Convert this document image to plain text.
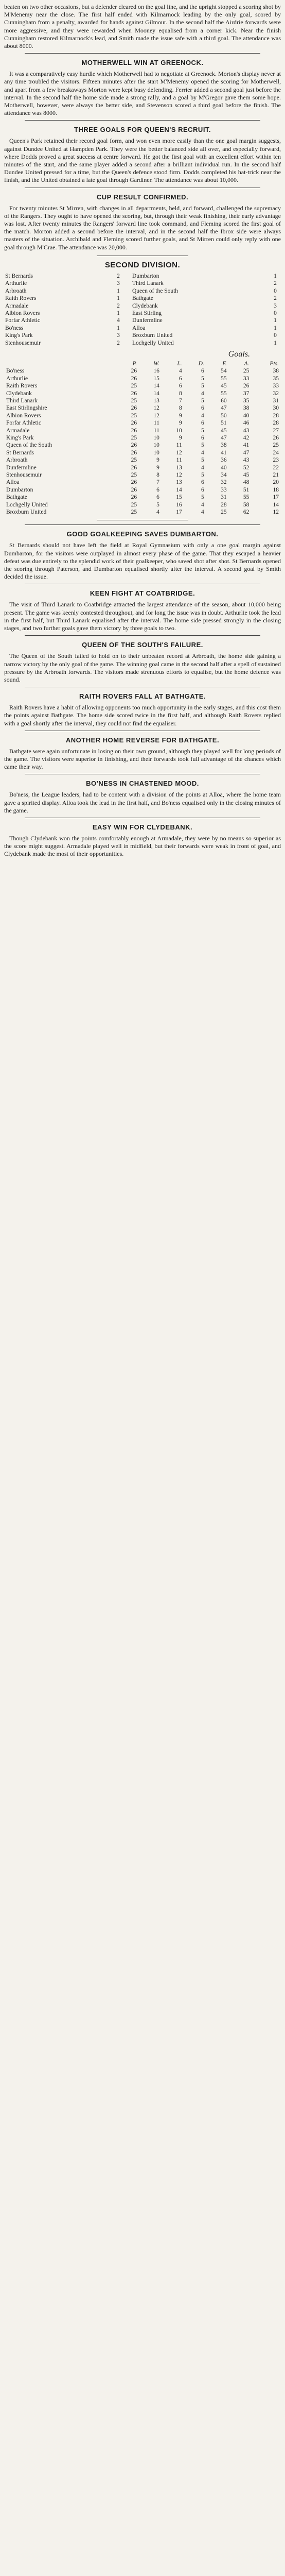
beaten on two other occasions, but a defender cleared on the goal line, and the upright stopped a scoring shot by M'Menemy near the close. The first half ended with Kilmarnock leading by the only goal, scored by Cunningham from a penalty, awarded for hands against Gilmour. In the second half the Airdrie forwards were more aggressive, and they were rewarded when Mooney equalised from a corner kick. Near the finish Cunningham restored Kilmarnock's lead, and Smith made the issue safe with a third goal. The attendance was about 8000.

MOTHERWELL WIN AT GREENOCK.

It was a comparatively easy hurdle which Motherwell had to negotiate at Greenock. Morton's display never at any time troubled the visitors. Fifteen minutes after the start M'Menemy opened the scoring for Motherwell, and apart from a few breakaways Morton were kept busy defending. Ferrier added a second goal just before the interval. In the second half the home side made a strong rally, and a goal by M'Gregor gave them some hope. Motherwell, however, were always the better side, and Stevenson scored a third goal before the finish. The attendance was 8000.

THREE GOALS FOR QUEEN'S RECRUIT.

Queen's Park retained their record goal form, and won even more easily than the one goal margin suggests, against Dundee United at Hampden Park. They were the better balanced side all over, and especially forward, where Dodds proved a great success at centre forward. He got the first goal with an excellent effort within ten minutes of the start, and the same player added a second after a brilliant individual run. In the second half Dundee United pressed for a time, but the Queen's defence stood firm. Dodds completed his hat-trick near the finish, and the United obtained a late goal through Gardiner. The attendance was about 10,000.

CUP RESULT CONFIRMED.

For twenty minutes St Mirren, with changes in all departments, held, and forward, challenged the supremacy of the Rangers. They ought to have opened the scoring, but, through their weak finishing, their early advantage was lost. After twenty minutes the Rangers' forward line took command, and Fleming scored the first goal of the match. Morton added a second before the interval, and in the second half the Ibrox side were always masters of the situation. Archibald and Fleming scored further goals, and St Mirren could only reply with one goal through M'Crae. The attendance was 20,000.

SECOND DIVISION.
St Bernards	2		Dumbarton	1
Arthurlie	3		Third Lanark	2
Arbroath	1		Queen of the South	0
Raith Rovers	1		Bathgate	2
Armadale	2		Clydebank	3
Albion Rovers	1		East Stirling	0
Forfar Athletic	4		Dunfermline	1
Bo'ness	1		Alloa	1
King's Park	3		Broxburn United	0
Stenhousemuir	2		Lochgelly United	1
Goals.
	P.	W.	L.	D.	F.	A.	Pts.
Bo'ness	26	16	4	6	54	25	38
Arthurlie	26	15	6	5	55	33	35
Raith Rovers	25	14	6	5	45	26	33
Clydebank	26	14	8	4	55	37	32
Third Lanark	25	13	7	5	60	35	31
East Stirlingshire	26	12	8	6	47	38	30
Albion Rovers	25	12	9	4	50	40	28
Forfar Athletic	26	11	9	6	51	46	28
Armadale	26	11	10	5	45	43	27
King's Park	25	10	9	6	47	42	26
Queen of the South	26	10	11	5	38	41	25
St Bernards	26	10	12	4	41	47	24
Arbroath	25	9	11	5	36	43	23
Dunfermline	26	9	13	4	40	52	22
Stenhousemuir	25	8	12	5	34	45	21
Alloa	26	7	13	6	32	48	20
Dumbarton	26	6	14	6	33	51	18
Bathgate	26	6	15	5	31	55	17
Lochgelly United	25	5	16	4	28	58	14
Broxburn United	25	4	17	4	25	62	12
GOOD GOALKEEPING SAVES DUMBARTON.

St Bernards should not have left the field at Royal Gymnasium with only a one goal margin against Dumbarton, for the visitors were outplayed in almost every phase of the game. That they escaped a heavier defeat was due entirely to the splendid work of their goalkeeper, who saved shot after shot. St Bernards opened the scoring through Paterson, and Dumbarton equalised shortly after the interval. A second goal by Smith decided the issue.

KEEN FIGHT AT COATBRIDGE.

The visit of Third Lanark to Coatbridge attracted the largest attendance of the season, about 10,000 being present. The game was keenly contested throughout, and for long the issue was in doubt. Arthurlie took the lead in the first half, but Third Lanark equalised after the interval. The home side pressed strongly in the closing stages, and two further goals gave them victory by three goals to two.

QUEEN OF THE SOUTH'S FAILURE.

The Queen of the South failed to hold on to their unbeaten record at Arbroath, the home side gaining a narrow victory by the only goal of the game. The winning goal came in the second half after a spell of sustained pressure by the Arbroath forwards. The visitors made strenuous efforts to equalise, but the home defence was sound.

RAITH ROVERS FALL AT BATHGATE.

Raith Rovers have a habit of allowing opponents too much opportunity in the early stages, and this cost them the points against Bathgate. The home side scored twice in the first half, and although Raith Rovers replied with a goal shortly after the interval, they could not find the equaliser.

ANOTHER HOME REVERSE FOR BATHGATE.

Bathgate were again unfortunate in losing on their own ground, although they played well for long periods of the game. The visitors were superior in finishing, and their forwards took full advantage of the chances which came their way.

BO'NESS IN CHASTENED MOOD.

Bo'ness, the League leaders, had to be content with a division of the points at Alloa, where the home team gave a spirited display. Alloa took the lead in the first half, and Bo'ness equalised only in the closing minutes of the game.

EASY WIN FOR CLYDEBANK.

Though Clydebank won the points comfortably enough at Armadale, they were by no means so superior as the score might suggest. Armadale played well in midfield, but their forwards were weak in front of goal, and Clydebank made the most of their opportunities.
